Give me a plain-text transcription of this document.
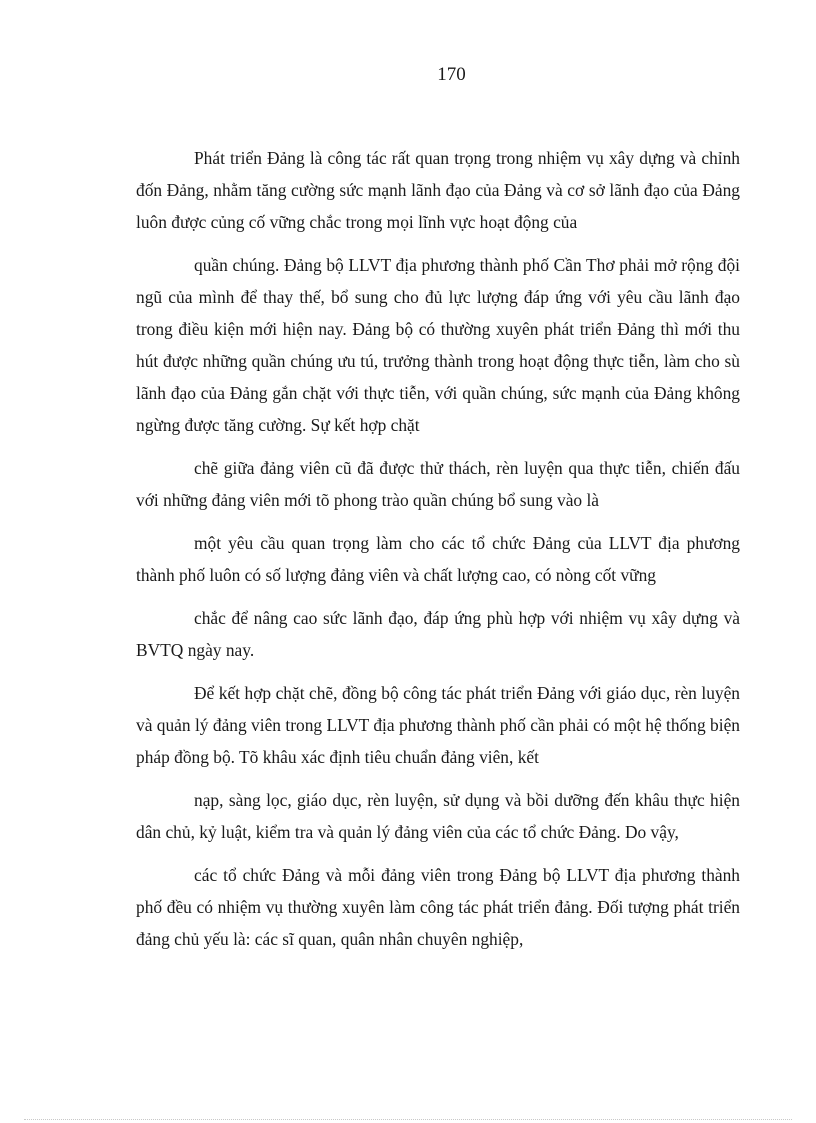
170

Phát triển Đảng là công tác rất quan trọng trong nhiệm vụ xây dựng và chỉnh đốn Đảng, nhằm tăng cường sức mạnh lãnh đạo của Đảng và cơ sở lãnh đạo của Đảng luôn được củng cố vững chắc trong mọi lĩnh vực hoạt động của

quần chúng. Đảng bộ LLVT địa phương thành phố Cần Thơ phải mở rộng đội ngũ của mình để thay thế, bổ sung cho đủ lực lượng đáp ứng với yêu cầu lãnh đạo trong điều kiện mới hiện nay. Đảng bộ có thường xuyên phát triển Đảng thì mới thu hút được những quần chúng ưu tú, trưởng thành trong hoạt động thực tiễn, làm cho sù lãnh đạo của Đảng gắn chặt với thực tiễn, với quần chúng, sức mạnh của Đảng không ngừng được tăng cường. Sự kết hợp chặt

chẽ giữa đảng viên cũ đã được thử thách, rèn luyện qua thực tiễn, chiến đấu với những đảng viên mới tõ phong trào quần chúng bổ sung vào là

một yêu cầu quan trọng làm cho các tổ chức Đảng của LLVT địa phương thành phố luôn có số lượng đảng viên và chất lượng cao, có nòng cốt vững

chắc để nâng cao sức lãnh đạo, đáp ứng phù hợp với nhiệm vụ xây dựng và BVTQ ngày nay.

Để kết hợp chặt chẽ, đồng bộ công tác phát triển Đảng với giáo dục, rèn luyện và quản lý đảng viên trong LLVT địa phương thành phố cần phải có một hệ thống biện pháp đồng bộ. Tõ khâu xác định tiêu chuẩn đảng viên, kết

nạp, sàng lọc, giáo dục, rèn luyện, sử dụng và bồi dưỡng đến khâu thực hiện dân chủ, kỷ luật, kiểm tra và quản lý đảng viên của các tổ chức Đảng. Do vậy,

các tổ chức Đảng và mỗi đảng viên trong Đảng bộ LLVT địa phương thành phố đều có nhiệm vụ thường xuyên làm công tác phát triển đảng. Đối tượng phát triển đảng chủ yếu là: các sĩ quan, quân nhân chuyên nghiệp,
